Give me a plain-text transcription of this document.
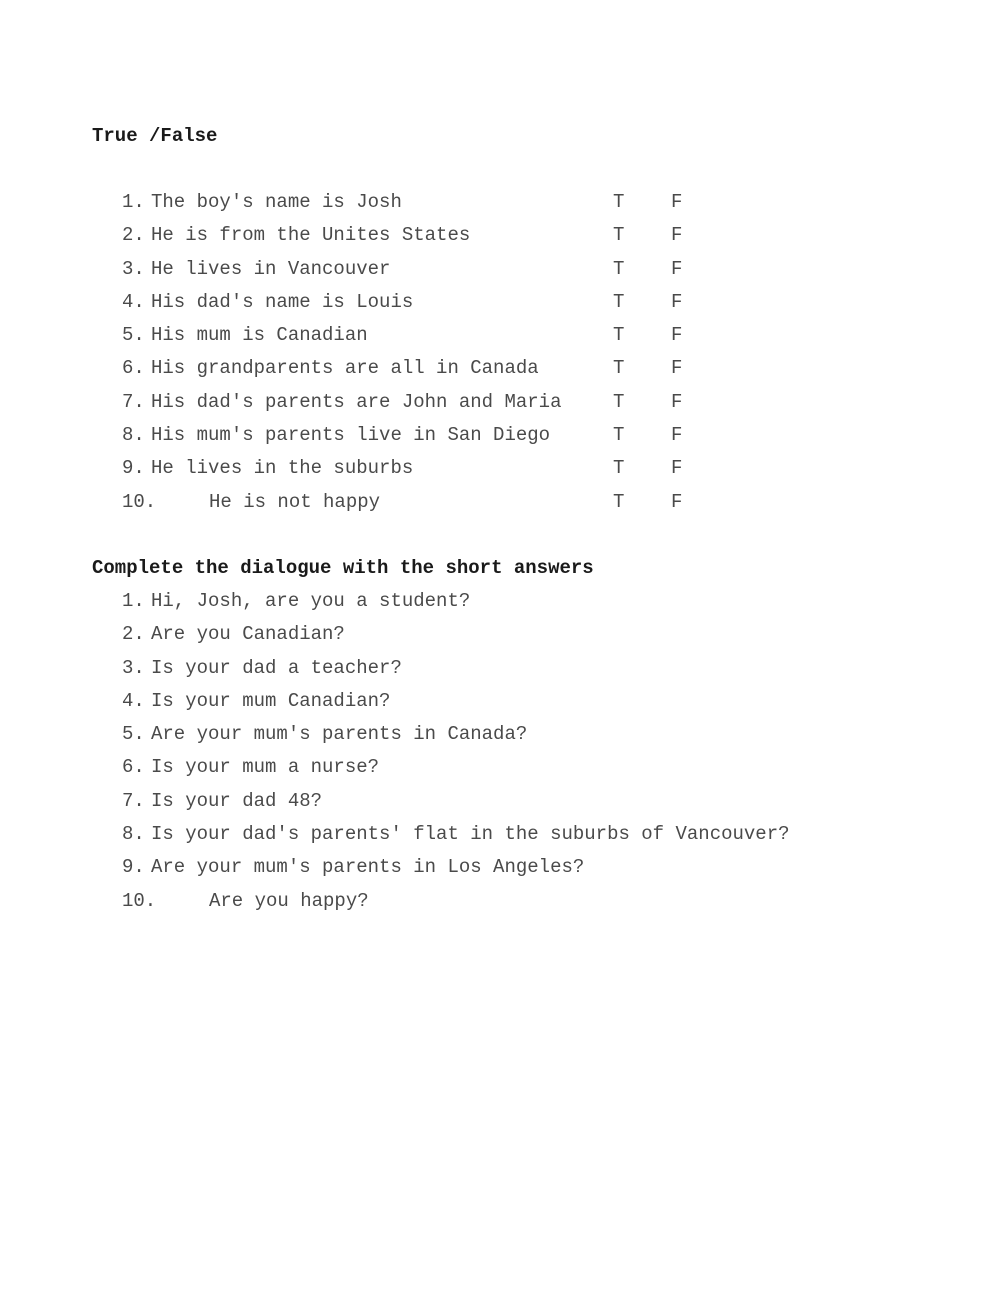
True /False
1. The boy's name is Josh	T F
2. He is from the Unites States	T F
3. He lives in Vancouver	T F
4. His dad's name is Louis	T F
5. His mum is Canadian	T F
6. His grandparents are all in Canada	T F
7. His dad's parents are John and Maria	T F
8. His mum's parents live in San Diego	T F
9. He lives in the suburbs	T F
10.	He is not happy	T F
Complete the dialogue with the short answers
1. Hi, Josh, are you a student?
2. Are you Canadian?
3. Is your dad a teacher?
4. Is your mum Canadian?
5. Are your mum's parents in Canada?
6. Is your mum a nurse?
7. Is your dad 48?
8. Is your dad's parents' flat in the suburbs of Vancouver?
9. Are your mum's parents in Los Angeles?
10.	Are you happy?
